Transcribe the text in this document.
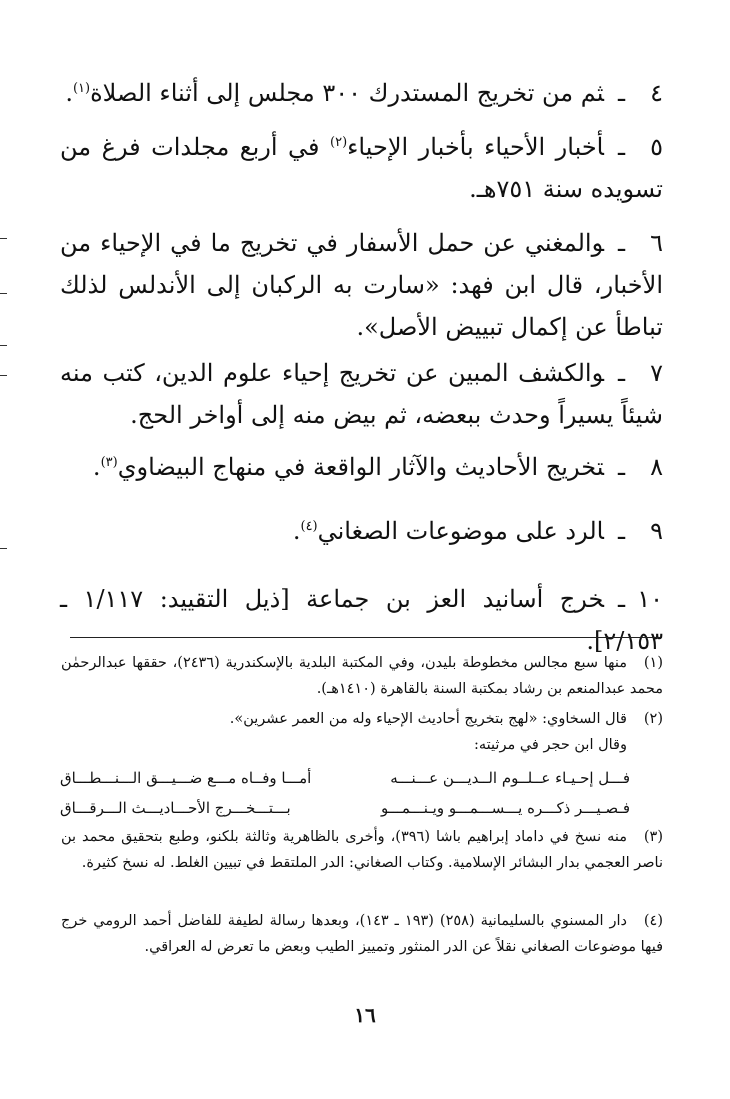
٤ـثم من تخريج المستدرك ٣٠٠ مجلس إلى أثناء الصلاة$^{(١)}$.
٥ـأخبار الأحياء بأخبار الإحياء$^{(٢)}$ في أربع مجلدات فرغ من تسويده سنة ٧٥١هـ.
٦ـوالمغني عن حمل الأسفار في تخريج ما في الإحياء من الأخبار، قال ابن فهد: «سارت به الركبان إلى الأندلس لذلك تباطأ عن إكمال تبييض الأصل».
٧ـوالكشف المبين عن تخريج إحياء علوم الدين، كتب منه شيئاً يسيراً وحدث ببعضه، ثم بيض منه إلى أواخر الحج.
٨ـتخريج الأحاديث والآثار الواقعة في منهاج البيضاوي$^{(٣)}$.
٩ـالرد على موضوعات الصغاني$^{(٤)}$.
١٠ـخرج أسانيد العز بن جماعة [ذيل التقييد: ١/١١٧ ـ ٢/١٥٣].
(١)منها سبع مجالس مخطوطة بليدن، وفي المكتبة البلدية بالإسكندرية (٢٤٣٦)، حققها عبدالرحمٰن محمد عبدالمنعم بن رشاد بمكتبة السنة بالقاهرة (١٤١٠هـ).
(٢)قال السخاوي: «لهج بتخريج أحاديث الإحياء وله من العمر عشرين».
وقال ابن حجر في مرثيته:
فـــل إحـيـاء عــلــوم الــديـــن عـــنـــه
أمـــا وفــاه مـــع ضـــيـــق الـــنـــطـــاق
فـصـيـــر ذكـــره يـــســـمـــو ويـنـــمـــو
بـــتـــخـــرج الأحـــاديـــث الـــرقـــاق
(٣)منه نسخ في داماد إبراهيم باشا (٣٩٦)، وأخرى بالظاهرية وثالثة بلكنو، وطبع بتحقيق محمد بن ناصر العجمي بدار البشائر الإسلامية. وكتاب الصغاني: الدر الملتقط في تبيين الغلط. له نسخ كثيرة.
(٤)دار المسنوي بالسليمانية (٢٥٨) (١٩٣ ـ ١٤٣)، وبعدها رسالة لطيفة للفاضل أحمد الرومي خرج فيها موضوعات الصغاني نقلاً عن الدر المنثور وتمييز الطيب وبعض ما تعرض له العراقي.
١٦
